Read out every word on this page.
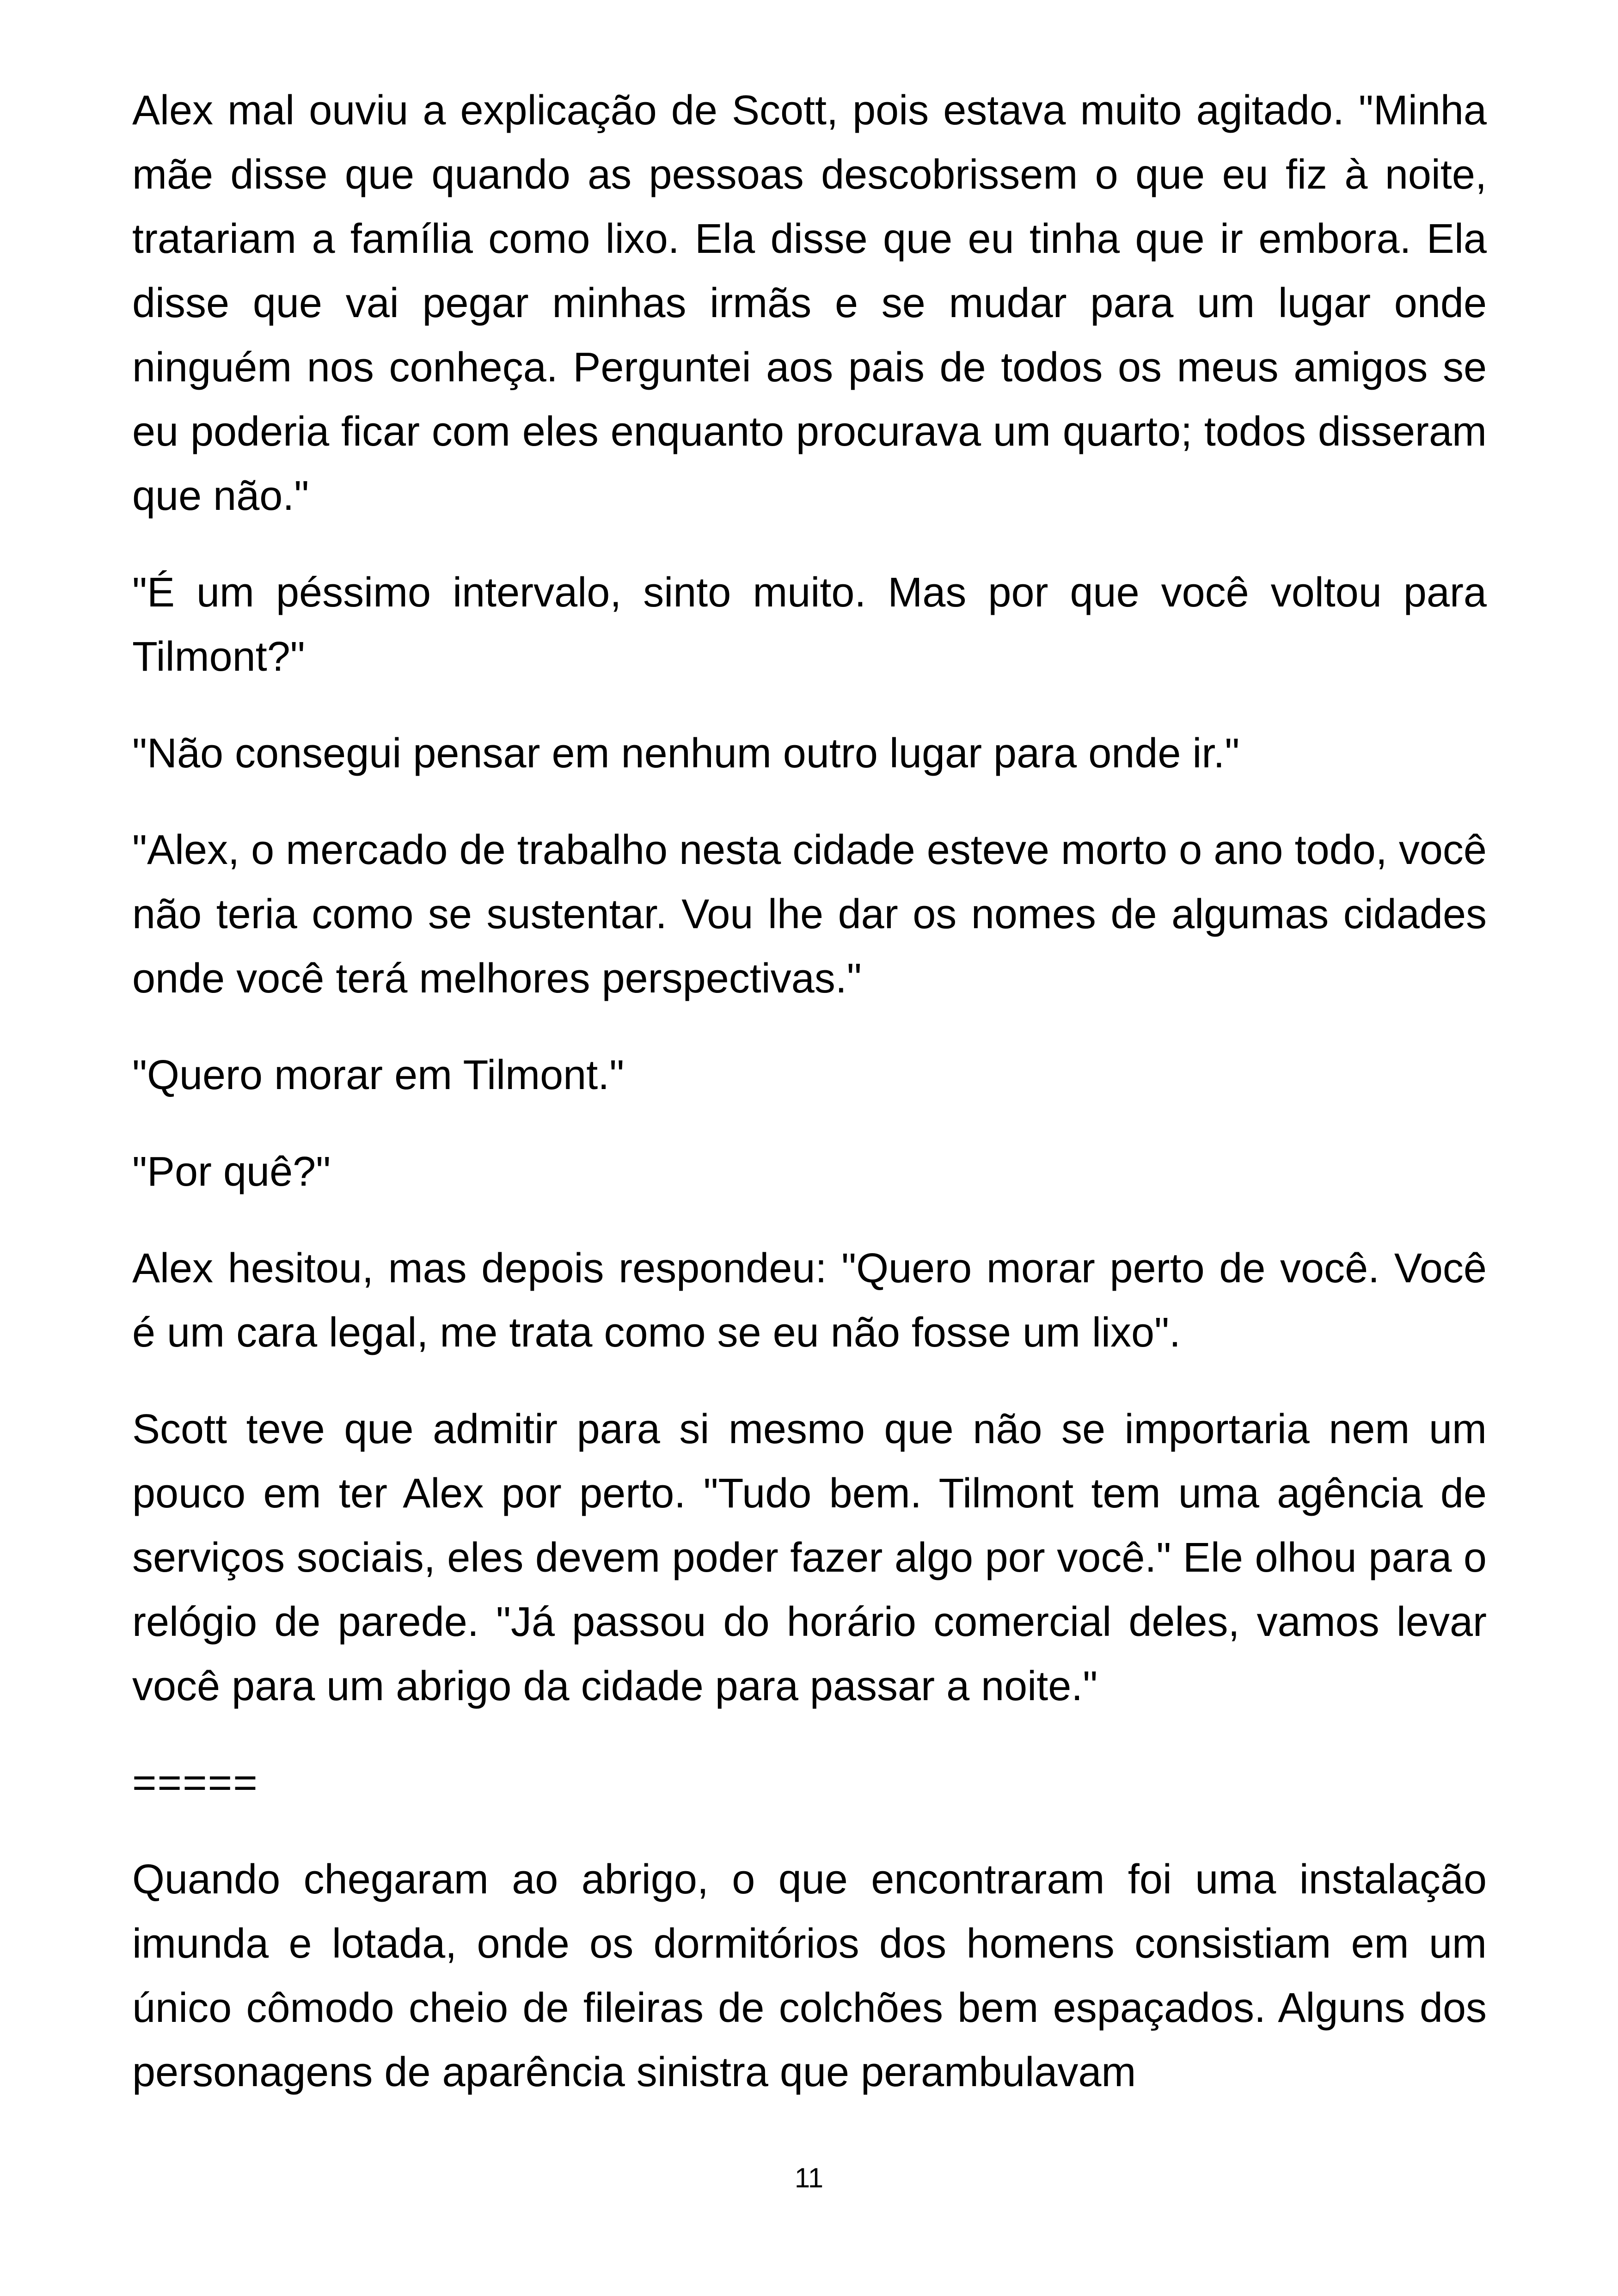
Alex mal ouviu a explicação de Scott, pois estava muito agitado. "Minha mãe disse que quando as pessoas descobrissem o que eu fiz à noite, tratariam a família como lixo. Ela disse que eu tinha que ir embora. Ela disse que vai pegar minhas irmãs e se mudar para um lugar onde ninguém nos conheça. Perguntei aos pais de todos os meus amigos se eu poderia ficar com eles enquanto procurava um quarto; todos disseram que não."

"É um péssimo intervalo, sinto muito. Mas por que você voltou para Tilmont?"

"Não consegui pensar em nenhum outro lugar para onde ir."

"Alex, o mercado de trabalho nesta cidade esteve morto o ano todo, você não teria como se sustentar. Vou lhe dar os nomes de algumas cidades onde você terá melhores perspectivas."

"Quero morar em Tilmont."

"Por quê?"

Alex hesitou, mas depois respondeu: "Quero morar perto de você. Você é um cara legal, me trata como se eu não fosse um lixo".

Scott teve que admitir para si mesmo que não se importaria nem um pouco em ter Alex por perto. "Tudo bem. Tilmont tem uma agência de serviços sociais, eles devem poder fazer algo por você." Ele olhou para o relógio de parede. "Já passou do horário comercial deles, vamos levar você para um abrigo da cidade para passar a noite."

=====

Quando chegaram ao abrigo, o que encontraram foi uma instalação imunda e lotada, onde os dormitórios dos homens consistiam em um único cômodo cheio de fileiras de colchões bem espaçados. Alguns dos personagens de aparência sinistra que perambulavam

11
